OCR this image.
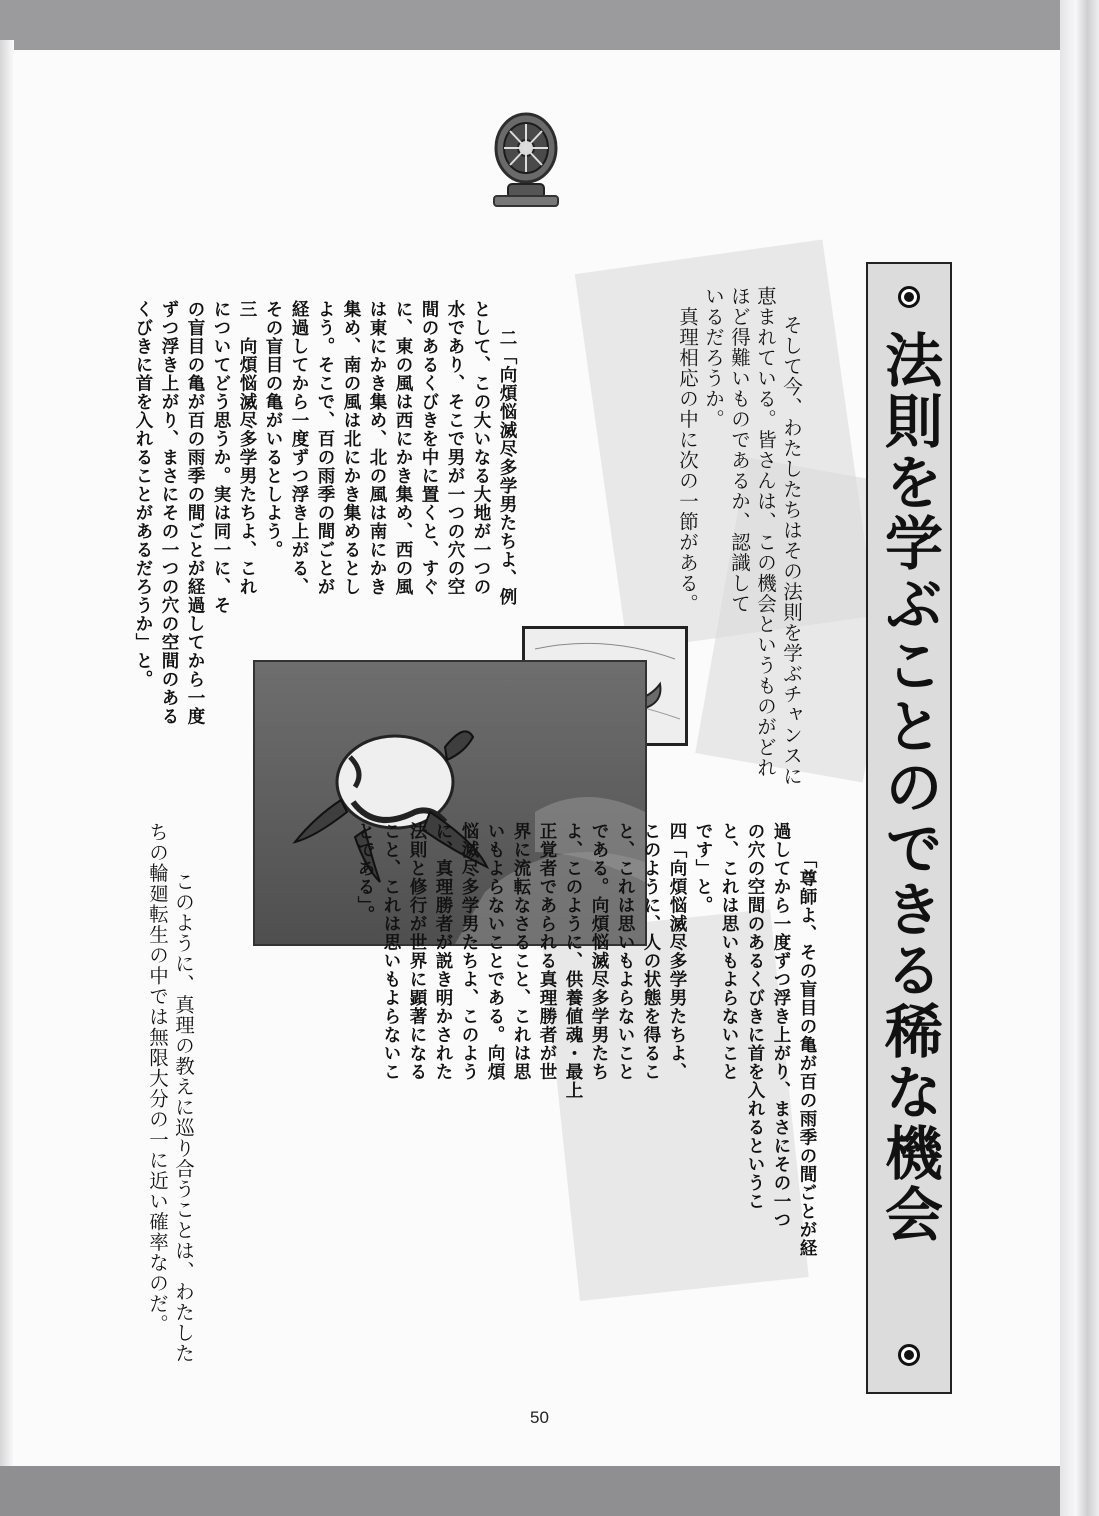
法則を学ぶことのできる稀な機会

そして今、わたしたちはその法則を学ぶチャンスに
恵まれている。皆さんは、この機会というものがどれ
ほど得難いものであるか、認識して
いるだろうか。
　真理相応の中に次の一節がある。

二「向煩悩滅尽多学男たちよ、例
として、この大いなる大地が一つの
水であり、そこで男が一つの穴の空
間のあるくびきを中に置くと、すぐ
に、東の風は西にかき集め、西の風
は東にかき集め、北の風は南にかき
集め、南の風は北にかき集めるとし
よう。そこで、百の雨季の間ごとが
経過してから一度ずつ浮き上がる、
その盲目の亀がいるとしよう。
三　向煩悩滅尽多学男たちよ、これ
についてどう思うか。実は同一に、そ
の盲目の亀が百の雨季の間ごとが経過してから一度
ずつ浮き上がり、まさにその一つの穴の空間のある
くびきに首を入れることがあるだろうか」と。

「尊師よ、その盲目の亀が百の雨季の間ごとが経
過してから一度ずつ浮き上がり、まさにその一つ
の穴の空間のあるくびきに首を入れるというこ
と、これは思いもよらないこと
です」と。
四「向煩悩滅尽多学男たちよ、
このように、人の状態を得るこ
と、これは思いもよらないこと
である。向煩悩滅尽多学男たち
よ、このように、供養値魂・最上
正覚者であられる真理勝者が世
界に流転なさること、これは思
いもよらないことである。向煩
悩滅尽多学男たちよ、このよう
に、真理勝者が説き明かされた
法則と修行が世界に顕著になる
こと、これは思いもよらないこ
とである」。

　このように、真理の教えに巡り合うことは、わたした
ちの輪廻転生の中では無限大分の一に近い確率なのだ。

50
